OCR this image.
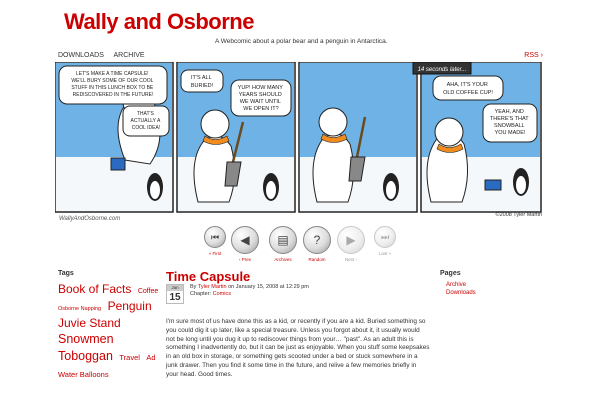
Wally and Osborne
A Webcomic about a polar bear and a penguin in Antarctica.
DOWNLOADS ARCHIVE	RSS ›
LET'S MAKE A TIME CAPSULE! WE'LL BURY SOME OF OUR COOL STUFF IN THIS LUNCH BOX TO BE REDISCOVERED IN THE FUTURE!
THAT'S ACTUALLY A COOL IDEA!
IT'S ALL BURIED!	YUP! HOW MANY YEARS SHOULD WE WAIT UNTIL WE OPEN IT?
14 seconds later...
AHA, IT'S YOUR OLD COFFEE CUP!
YEAH, AND THERE'S THAT SNOWBALL YOU MADE!
WallyAndOsborne.com
©2008 Tyler Martin
⏮
« First
◀
‹ Prev
▤
Archives
?
Random
▶
Next ›
⏭
Last »
Tags
Book of Facts Coffee Osborne Napping Penguin Juvie Stand Snowmen Toboggan Travel Ad Water Balloons
Time Capsule
Jan
15
By Tyler Martin on January 15, 2008 at 12:29 pm
Chapter: Comics
I'm sure most of us have done this as a kid, or recently if you are a kid. Buried something so you could dig it up later, like a special treasure. Unless you forgot about it, it usually would not be long until you dug it up to rediscover things from your… "past". As an adult this is something I inadvertently do, but it can be just as enjoyable. When you stuff some keepsakes in an old box in storage, or something gets scooted under a bed or stuck somewhere in a junk drawer. Then you find it some time in the future, and relive a few memories briefly in your head. Good times.
Pages
Archive
Downloads
